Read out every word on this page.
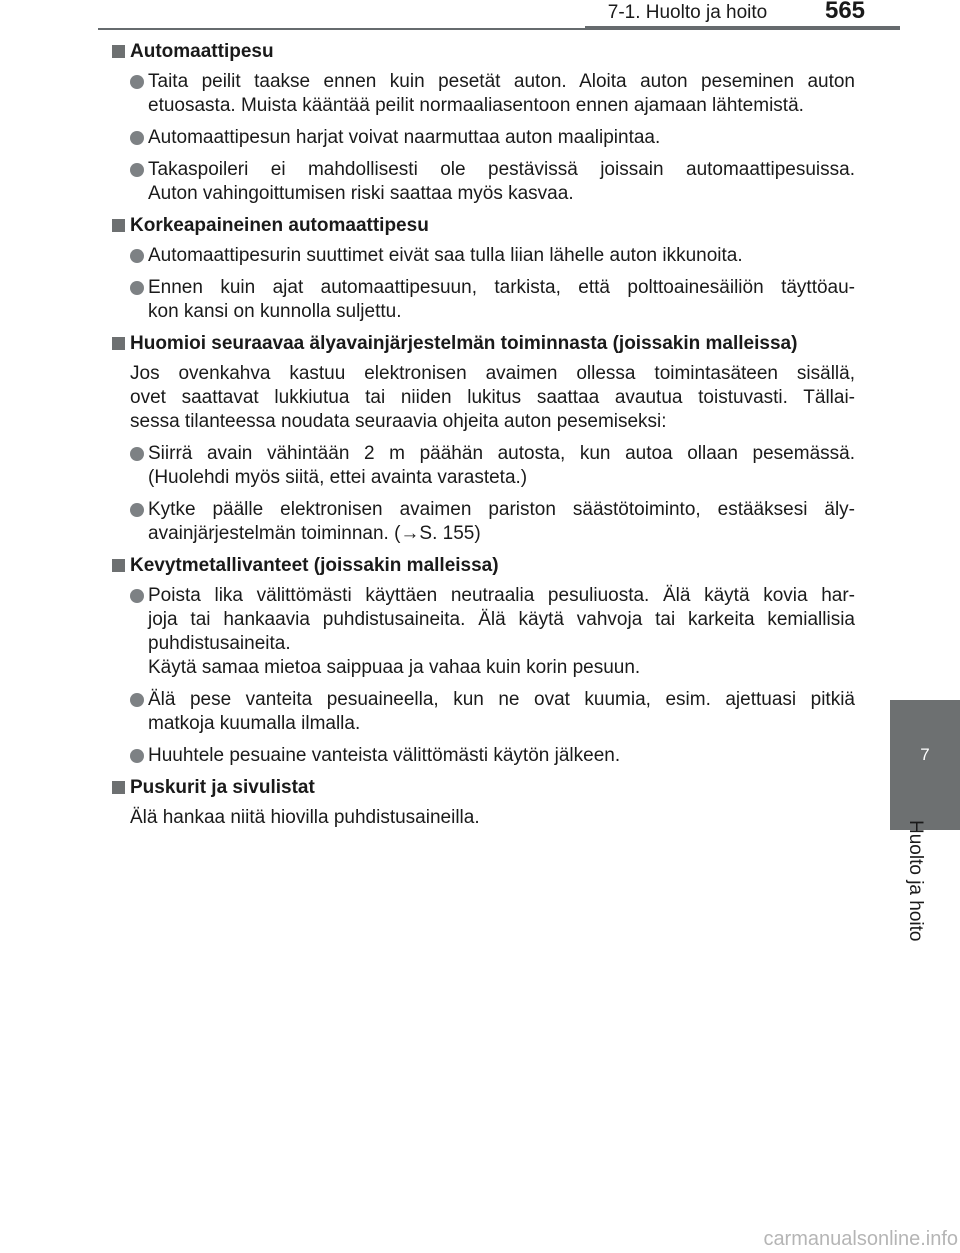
7-1. Huolto ja hoito	565
7
Huolto ja hoito
Automaattipesu
Taita peilit taakse ennen kuin pesetät auton. Aloita auton peseminen auton
etuosasta. Muista kääntää peilit normaaliasentoon ennen ajamaan lähtemistä.
Automaattipesun harjat voivat naarmuttaa auton maalipintaa.
Takaspoileri ei mahdollisesti ole pestävissä joissain automaattipesuissa.
Auton vahingoittumisen riski saattaa myös kasvaa.
Korkeapaineinen automaattipesu
Automaattipesurin suuttimet eivät saa tulla liian lähelle auton ikkunoita.
Ennen kuin ajat automaattipesuun, tarkista, että polttoainesäiliön täyttöau-
kon kansi on kunnolla suljettu.
Huomioi seuraavaa älyavainjärjestelmän toiminnasta (joissakin malleissa)
Jos ovenkahva kastuu elektronisen avaimen ollessa toimintasäteen sisällä,
ovet saattavat lukkiutua tai niiden lukitus saattaa avautua toistuvasti. Tällai-
sessa tilanteessa noudata seuraavia ohjeita auton pesemiseksi:
Siirrä avain vähintään 2 m päähän autosta, kun autoa ollaan pesemässä.
(Huolehdi myös siitä, ettei avainta varasteta.)
Kytke päälle elektronisen avaimen pariston säästötoiminto, estääksesi äly-
avainjärjestelmän toiminnan. (→S. 155)
Kevytmetallivanteet (joissakin malleissa)
Poista lika välittömästi käyttäen neutraalia pesuliuosta. Älä käytä kovia har-
joja tai hankaavia puhdistusaineita. Älä käytä vahvoja tai karkeita kemiallisia
puhdistusaineita.
Käytä samaa mietoa saippuaa ja vahaa kuin korin pesuun.
Älä pese vanteita pesuaineella, kun ne ovat kuumia, esim. ajettuasi pitkiä
matkoja kuumalla ilmalla.
Huuhtele pesuaine vanteista välittömästi käytön jälkeen.
Puskurit ja sivulistat
Älä hankaa niitä hiovilla puhdistusaineilla.
carmanualsonline.info
